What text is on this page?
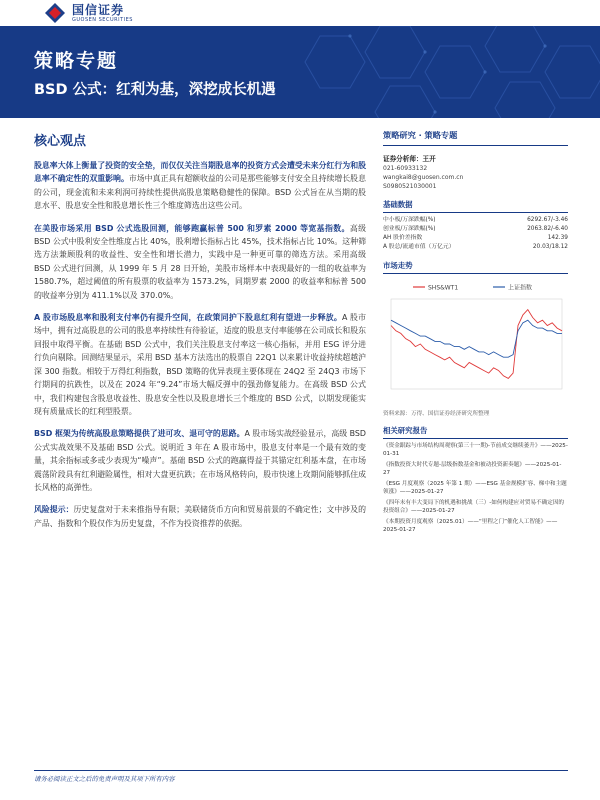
国信证券
GUOSEN SECURITIES
策略专题
BSD 公式：红利为基，深挖成长机遇
核心观点

股息率大体上衡量了投资的安全垫，而仅仅关注当期股息率的投资方式会遭受未来分红行为和股息率不确定性的双重影响。市场中真正具有超额收益的公司是那些能够支付安全且持续增长股息的公司，现金流和未来利润可持续性提供高股息策略稳健性的保障。BSD 公式旨在从当期的股息水平、股息安全性和股息增长性三个维度筛选出这些公司。

在美股市场采用 BSD 公式选股回测，能够跑赢标普 500 和罗素 2000 等宽基指数。高级 BSD 公式中股利安全性维度占比 40%，股利增长指标占比 45%，技术指标占比 10%。这种筛选方法兼顾股利的收益性、安全性和增长潜力，实践中是一种更可靠的筛选方法。采用高级 BSD 公式进行回测，从 1999 年 5 月 28 日开始，美股市场样本中表现最好的一组的收益率为 1580.7%，超过阈值的所有股票的收益率为 1573.2%，同期罗素 2000 的收益率和标普 500 的收益率分别为 411.1%以及 370.0%。

A 股市场股息率和股利支付率仍有提升空间，在政策同护下股息红利有望进一步释放。A 股市场中，拥有过高股息的公司的股息率持续性有待验证，适度的股息支付率能够在公司成长和股东回报中取得平衡。在基础 BSD 公式中，我们关注股息支付率这一核心指标，并用 ESG 评分进行负向剔除。回测结果显示，采用 BSD 基本方法选出的股票自 22Q1 以来累计收益持续超越沪深 300 指数。相较于万得红利指数，BSD 策略的优异表现主要体现在 24Q2 至 24Q3 市场下行期间的抗跌性，以及在 2024 年“9.24”市场大幅反弹中的强劲修复能力。在高级 BSD 公式中，我们构建包含股息收益性、股息安全性以及股息增长三个维度的 BSD 公式，以期发现能实现有质量成长的红利型股票。

BSD 框架为传统高股息策略提供了进可攻、退可守的思路。A 股市场实战经验显示，高级 BSD 公式实战效果不及基础 BSD 公式。说明近 3 年在 A 股市场中，股息支付率是一个最有效的变量，其余指标或多或少表现为“噪声”。基础 BSD 公式的跑赢得益于其锚定红利基本盘，在市场震荡阶段具有红利避险属性，相对大盘更抗跌；在市场风格转向，股市快速上攻期间能够抓住成长风格的高弹性。

风险提示：历史复盘对于未来推指导有限；美联储货币方向和贸易前景的不确定性；文中涉及的产品、指数和个股仅作为历史复盘，不作为投资推荐的依据。

策略研究 · 策略专题
证券分析师：王开
021-60933132
wangkai8@guosen.com.cn
S0980521030001
基础数据
中小板/万深跌幅(%)	6292.67/-3.46
创业板/万深跌幅(%)	2063.82/-6.40
AH 股价差指数	142.39
A 股总/流通市值（万亿元）	20.03/18.12
市场走势
SHS&WT1	上证指数
资料来源：万得、国信证券经济研究所整理
相关研究报告
《资金跟踪与市场结构周观察(第三十一期)-节前成交继续萎升》——2025-01-31
《指数投资大时代专题-层级指数基金和被动投资新奏题》——2025-01-27
《ESG 月度观察（2025 年第 1 期）——ESG 基金规模扩容、梯中和主题领涨》——2025-01-27
《四年末有丰大变局下的机遇和挑战（三）-如何构建应对贸易不确定因的投资组合》——2025-01-27
《本期投资月度观察（2025.01）——“里程之门”催化人工智能》——2025-01-27
请务必阅读正文之后的免责声明及其项下所有内容
